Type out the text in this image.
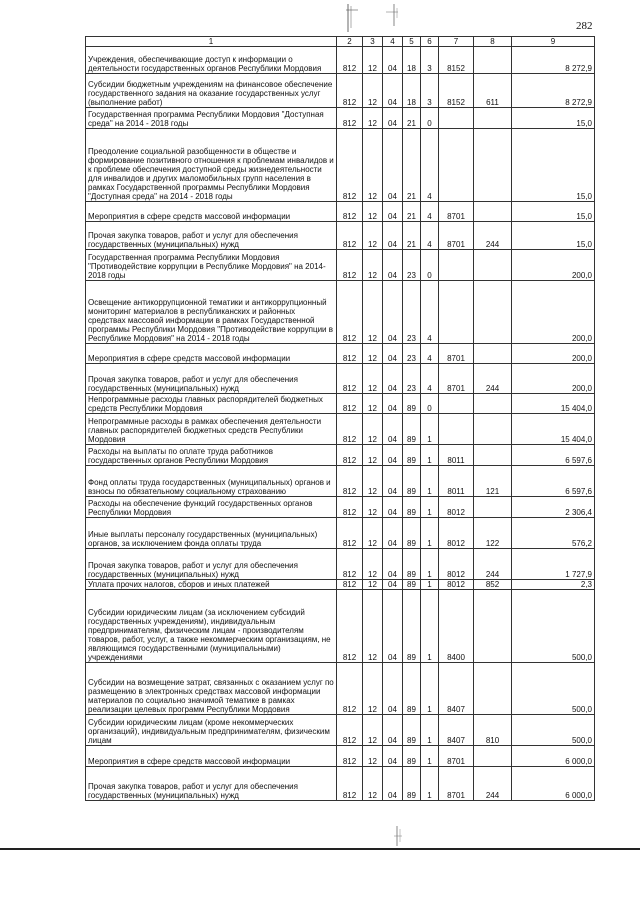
282
1	2	3	4	5	6	7	8	9
Учреждения, обеспечивающие доступ к информации о деятельности государственных органов Республики Мордовия	812	12	04	18	3	8152		8 272,9
Субсидии бюджетным учреждениям на финансовое обеспечение государственного задания на оказание государственных услуг (выполнение работ)	812	12	04	18	3	8152	611	8 272,9
Государственная программа Республики Мордовия "Доступная среда" на 2014 - 2018 годы	812	12	04	21	0			15,0
Преодоление социальной разобщенности в обществе и формирование позитивного отношения к проблемам инвалидов и к проблеме обеспечения доступной среды жизнедеятельности для инвалидов и других маломобильных групп населения в рамках Государственной программы Республики Мордовия "Доступная среда" на 2014 - 2018 годы	812	12	04	21	4			15,0
Мероприятия в сфере средств массовой информации	812	12	04	21	4	8701		15,0
Прочая закупка товаров, работ и услуг для обеспечения государственных (муниципальных) нужд	812	12	04	21	4	8701	244	15,0
Государственная программа Республики Мордовия "Противодействие коррупции в Республике Мордовия" на 2014-2018 годы	812	12	04	23	0			200,0
Освещение антикоррупционной тематики и антикоррупционный мониторинг материалов в республиканских и районных средствах массовой информации в рамках Государственной программы Республики Мордовия "Противодействие коррупции в Республике Мордовия" на 2014 - 2018 годы	812	12	04	23	4			200,0
Мероприятия в сфере средств массовой информации	812	12	04	23	4	8701		200,0
Прочая закупка товаров, работ и услуг для обеспечения государственных (муниципальных) нужд	812	12	04	23	4	8701	244	200,0
Непрограммные расходы главных распорядителей бюджетных средств Республики Мордовия	812	12	04	89	0			15 404,0
Непрограммные расходы в рамках обеспечения деятельности главных распорядителей бюджетных средств Республики Мордовия	812	12	04	89	1			15 404,0
Расходы на выплаты по оплате труда работников государственных органов Республики Мордовия	812	12	04	89	1	8011		6 597,6
Фонд оплаты труда государственных (муниципальных) органов и взносы по обязательному социальному страхованию	812	12	04	89	1	8011	121	6 597,6
Расходы на обеспечение функций государственных органов Республики Мордовия	812	12	04	89	1	8012		2 306,4
Иные выплаты персоналу государственных (муниципальных) органов, за исключением фонда оплаты труда	812	12	04	89	1	8012	122	576,2
Прочая закупка товаров, работ и услуг для обеспечения государственных (муниципальных) нужд	812	12	04	89	1	8012	244	1 727,9
Уплата прочих налогов, сборов и иных платежей	812	12	04	89	1	8012	852	2,3
Субсидии юридическим лицам (за исключением субсидий государственных учреждениям), индивидуальным предпринимателям, физическим лицам - производителям товаров, работ, услуг, а также некоммерческим организациям, не являющимся государственными (муниципальными) учреждениями	812	12	04	89	1	8400		500,0
Субсидии на возмещение затрат, связанных с оказанием услуг по размещению в электронных средствах массовой информации материалов по социально значимой тематике в рамках реализации целевых программ Республики Мордовия	812	12	04	89	1	8407		500,0
Субсидии юридическим лицам (кроме некоммерческих организаций), индивидуальным предпринимателям, физическим лицам	812	12	04	89	1	8407	810	500,0
Мероприятия в сфере средств массовой информации	812	12	04	89	1	8701		6 000,0
Прочая закупка товаров, работ и услуг для обеспечения государственных (муниципальных) нужд	812	12	04	89	1	8701	244	6 000,0
